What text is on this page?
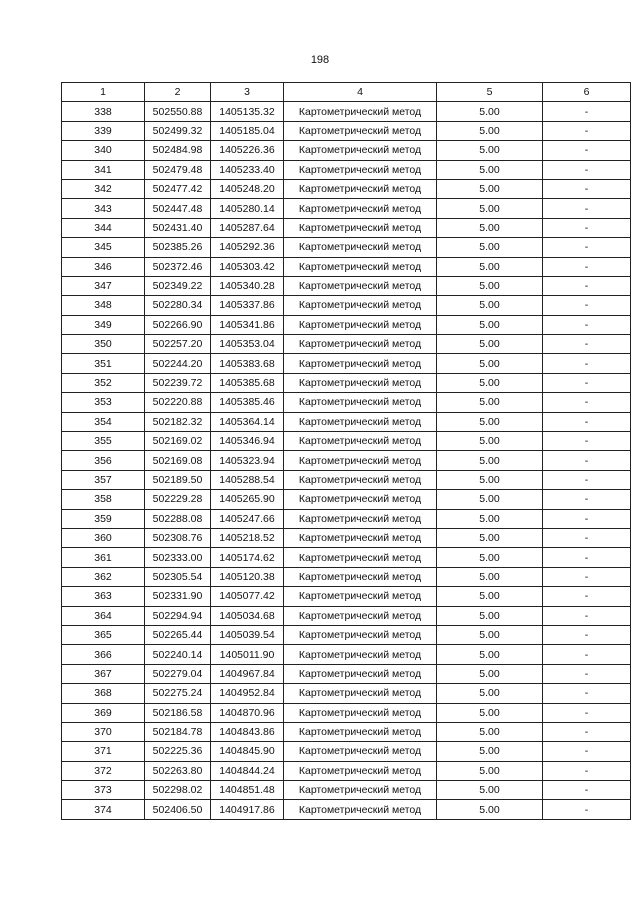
198
1	2	3	4	5	6
338	502550.88	1405135.32	Картометрический метод	5.00	-
339	502499.32	1405185.04	Картометрический метод	5.00	-
340	502484.98	1405226.36	Картометрический метод	5.00	-
341	502479.48	1405233.40	Картометрический метод	5.00	-
342	502477.42	1405248.20	Картометрический метод	5.00	-
343	502447.48	1405280.14	Картометрический метод	5.00	-
344	502431.40	1405287.64	Картометрический метод	5.00	-
345	502385.26	1405292.36	Картометрический метод	5.00	-
346	502372.46	1405303.42	Картометрический метод	5.00	-
347	502349.22	1405340.28	Картометрический метод	5.00	-
348	502280.34	1405337.86	Картометрический метод	5.00	-
349	502266.90	1405341.86	Картометрический метод	5.00	-
350	502257.20	1405353.04	Картометрический метод	5.00	-
351	502244.20	1405383.68	Картометрический метод	5.00	-
352	502239.72	1405385.68	Картометрический метод	5.00	-
353	502220.88	1405385.46	Картометрический метод	5.00	-
354	502182.32	1405364.14	Картометрический метод	5.00	-
355	502169.02	1405346.94	Картометрический метод	5.00	-
356	502169.08	1405323.94	Картометрический метод	5.00	-
357	502189.50	1405288.54	Картометрический метод	5.00	-
358	502229.28	1405265.90	Картометрический метод	5.00	-
359	502288.08	1405247.66	Картометрический метод	5.00	-
360	502308.76	1405218.52	Картометрический метод	5.00	-
361	502333.00	1405174.62	Картометрический метод	5.00	-
362	502305.54	1405120.38	Картометрический метод	5.00	-
363	502331.90	1405077.42	Картометрический метод	5.00	-
364	502294.94	1405034.68	Картометрический метод	5.00	-
365	502265.44	1405039.54	Картометрический метод	5.00	-
366	502240.14	1405011.90	Картометрический метод	5.00	-
367	502279.04	1404967.84	Картометрический метод	5.00	-
368	502275.24	1404952.84	Картометрический метод	5.00	-
369	502186.58	1404870.96	Картометрический метод	5.00	-
370	502184.78	1404843.86	Картометрический метод	5.00	-
371	502225.36	1404845.90	Картометрический метод	5.00	-
372	502263.80	1404844.24	Картометрический метод	5.00	-
373	502298.02	1404851.48	Картометрический метод	5.00	-
374	502406.50	1404917.86	Картометрический метод	5.00	-
